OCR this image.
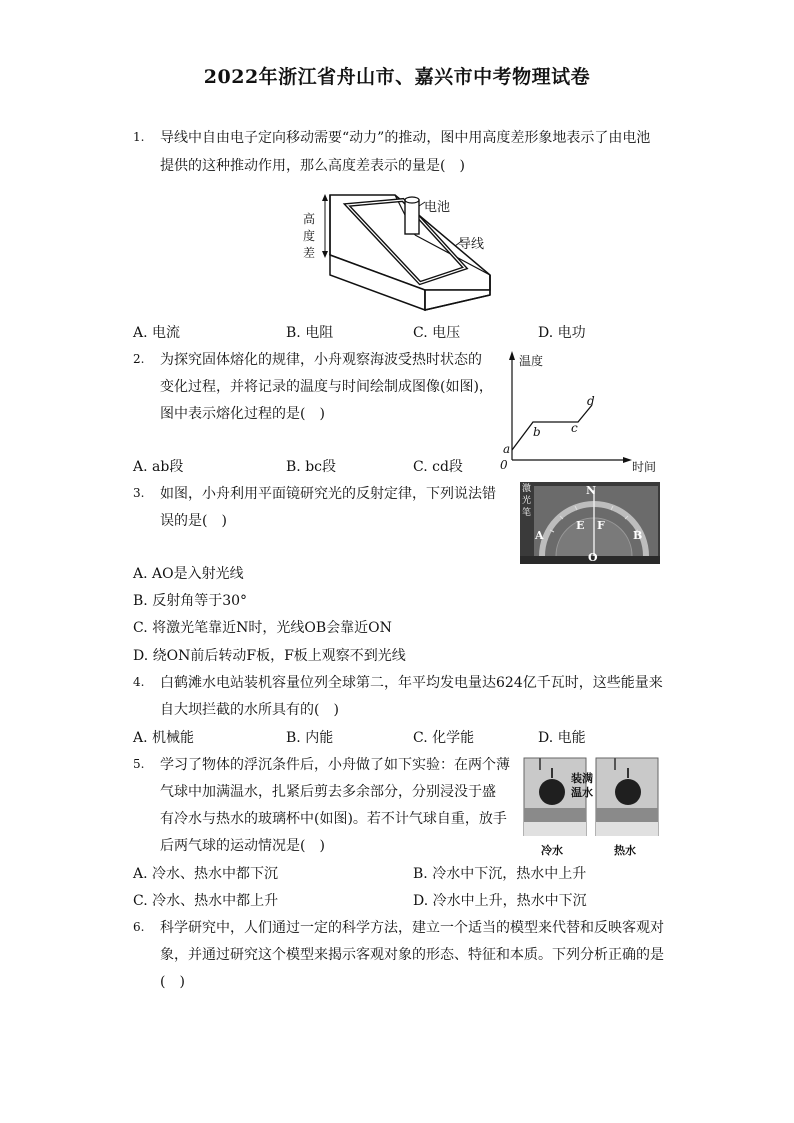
2022年浙江省舟山市、嘉兴市中考物理试卷
1. 导线中自由电子定向移动需要“动力”的推动，图中用高度差形象地表示了由电池
提供的这种推动作用，那么高度差表示的量是(　)
高
度
差
电池
导线
A. 电流	B. 电阻	C. 电压	D. 电功
2. 为探究固体熔化的规律，小舟观察海波受热时状态的
变化过程，并将记录的温度与时间绘制成图像(如图)，
图中表示熔化过程的是(　)
温度
时间
0
a
b	c
d
A. ab段	B. bc段	C. cd段
3. 如图，小舟利用平面镜研究光的反射定律，下列说法错
误的是(　)
N
E F
A	B
O
激
光
笔
A. AO是入射光线
B. 反射角等于30°
C. 将激光笔靠近N时，光线OB会靠近ON
D. 绕ON前后转动F板，F板上观察不到光线
4. 白鹤滩水电站装机容量位列全球第二，年平均发电量达624亿千瓦时，这些能量来
自大坝拦截的水所具有的(　)
A. 机械能	B. 内能	C. 化学能	D. 电能
5. 学习了物体的浮沉条件后，小舟做了如下实验：在两个薄
气球中加满温水，扎紧后剪去多余部分，分别浸没于盛
有冷水与热水的玻璃杯中(如图)。若不计气球自重，放手
后两气球的运动情况是(　)
装满
温水
冷水	热水
A. 冷水、热水中都下沉	B. 冷水中下沉，热水中上升
C. 冷水、热水中都上升	D. 冷水中上升，热水中下沉
6. 科学研究中，人们通过一定的科学方法，建立一个适当的模型来代替和反映客观对
象，并通过研究这个模型来揭示客观对象的形态、特征和本质。下列分析正确的是
(　)
